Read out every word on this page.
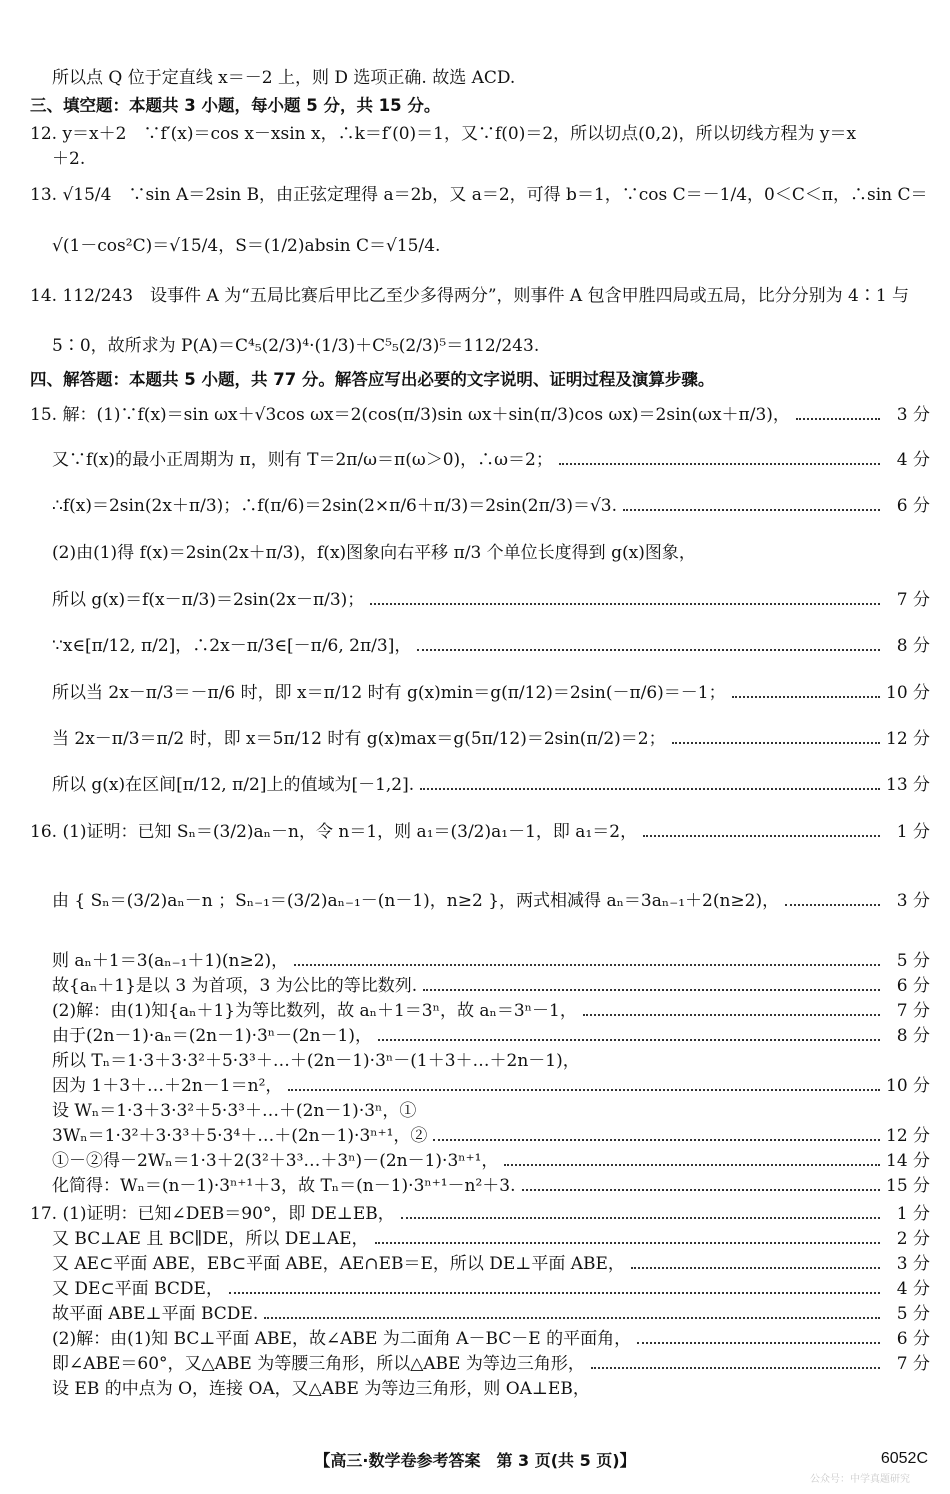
所以点 Q 位于定直线 x＝－2 上，则 D 选项正确. 故选 ACD.
三、填空题：本题共 3 小题，每小题 5 分，共 15 分。
12. y＝x＋2　∵f′(x)＝cos x－xsin x，∴k＝f′(0)＝1，又∵f(0)＝2，所以切点(0,2)，所以切线方程为 y＝x
＋2.
13. √15/4　∵sin A＝2sin B，由正弦定理得 a＝2b，又 a＝2，可得 b＝1，∵cos C＝－1/4，0＜C＜π，∴sin C＝
√(1－cos²C)＝√15/4，S＝(1/2)absin C＝√15/4.
14. 112/243　设事件 A 为“五局比赛后甲比乙至少多得两分”，则事件 A 包含甲胜四局或五局，比分分别为 4∶1 与
5∶0，故所求为 P(A)＝C⁴₅(2/3)⁴·(1/3)＋C⁵₅(2/3)⁵＝112/243.
四、解答题：本题共 5 小题，共 77 分。解答应写出必要的文字说明、证明过程及演算步骤。
15. 解：(1)∵f(x)＝sin ωx＋√3cos ωx＝2(cos(π/3)sin ωx＋sin(π/3)cos ωx)＝2sin(ωx＋π/3)，	3 分
又∵f(x)的最小正周期为 π，则有 T＝2π/ω＝π(ω＞0)，∴ω＝2；	4 分
∴f(x)＝2sin(2x＋π/3)；∴f(π/6)＝2sin(2×π/6＋π/3)＝2sin(2π/3)＝√3.	6 分
(2)由(1)得 f(x)＝2sin(2x＋π/3)，f(x)图象向右平移 π/3 个单位长度得到 g(x)图象，
所以 g(x)＝f(x－π/3)＝2sin(2x－π/3)；	7 分
∵x∈[π/12, π/2]，∴2x－π/3∈[－π/6, 2π/3]，	8 分
所以当 2x－π/3＝－π/6 时，即 x＝π/12 时有 g(x)min＝g(π/12)＝2sin(－π/6)＝－1；	10 分
当 2x－π/3＝π/2 时，即 x＝5π/12 时有 g(x)max＝g(5π/12)＝2sin(π/2)＝2；	12 分
所以 g(x)在区间[π/12, π/2]上的值域为[－1,2].	13 分
16. (1)证明：已知 Sₙ＝(3/2)aₙ－n，令 n＝1，则 a₁＝(3/2)a₁－1，即 a₁＝2，	1 分
由 { Sₙ＝(3/2)aₙ－n ；Sₙ₋₁＝(3/2)aₙ₋₁－(n－1)，n≥2 }，两式相减得 aₙ＝3aₙ₋₁＋2(n≥2)，	3 分
则 aₙ＋1＝3(aₙ₋₁＋1)(n≥2)，	5 分
故{aₙ＋1}是以 3 为首项，3 为公比的等比数列.	6 分
(2)解：由(1)知{aₙ＋1}为等比数列，故 aₙ＋1＝3ⁿ，故 aₙ＝3ⁿ－1，	7 分
由于(2n－1)·aₙ＝(2n－1)·3ⁿ－(2n－1)，	8 分
所以 Tₙ＝1·3＋3·3²＋5·3³＋…＋(2n－1)·3ⁿ－(1＋3＋…＋2n－1)，
因为 1＋3＋…＋2n－1＝n²，	10 分
设 Wₙ＝1·3＋3·3²＋5·3³＋…＋(2n－1)·3ⁿ，①
3Wₙ＝1·3²＋3·3³＋5·3⁴＋…＋(2n－1)·3ⁿ⁺¹，②	12 分
①－②得－2Wₙ＝1·3＋2(3²＋3³…＋3ⁿ)－(2n－1)·3ⁿ⁺¹，	14 分
化简得：Wₙ＝(n－1)·3ⁿ⁺¹＋3，故 Tₙ＝(n－1)·3ⁿ⁺¹－n²＋3.	15 分
17. (1)证明：已知∠DEB＝90°，即 DE⊥EB，	1 分
又 BC⊥AE 且 BC∥DE，所以 DE⊥AE，	2 分
又 AE⊂平面 ABE，EB⊂平面 ABE，AE∩EB＝E，所以 DE⊥平面 ABE，	3 分
又 DE⊂平面 BCDE，	4 分
故平面 ABE⊥平面 BCDE.	5 分
(2)解：由(1)知 BC⊥平面 ABE，故∠ABE 为二面角 A－BC－E 的平面角，	6 分
即∠ABE＝60°，又△ABE 为等腰三角形，所以△ABE 为等边三角形，	7 分
设 EB 的中点为 O，连接 OA，又△ABE 为等边三角形，则 OA⊥EB，
【高三·数学卷参考答案　第 3 页(共 5 页)】	6052C
公众号：中学真题研究
